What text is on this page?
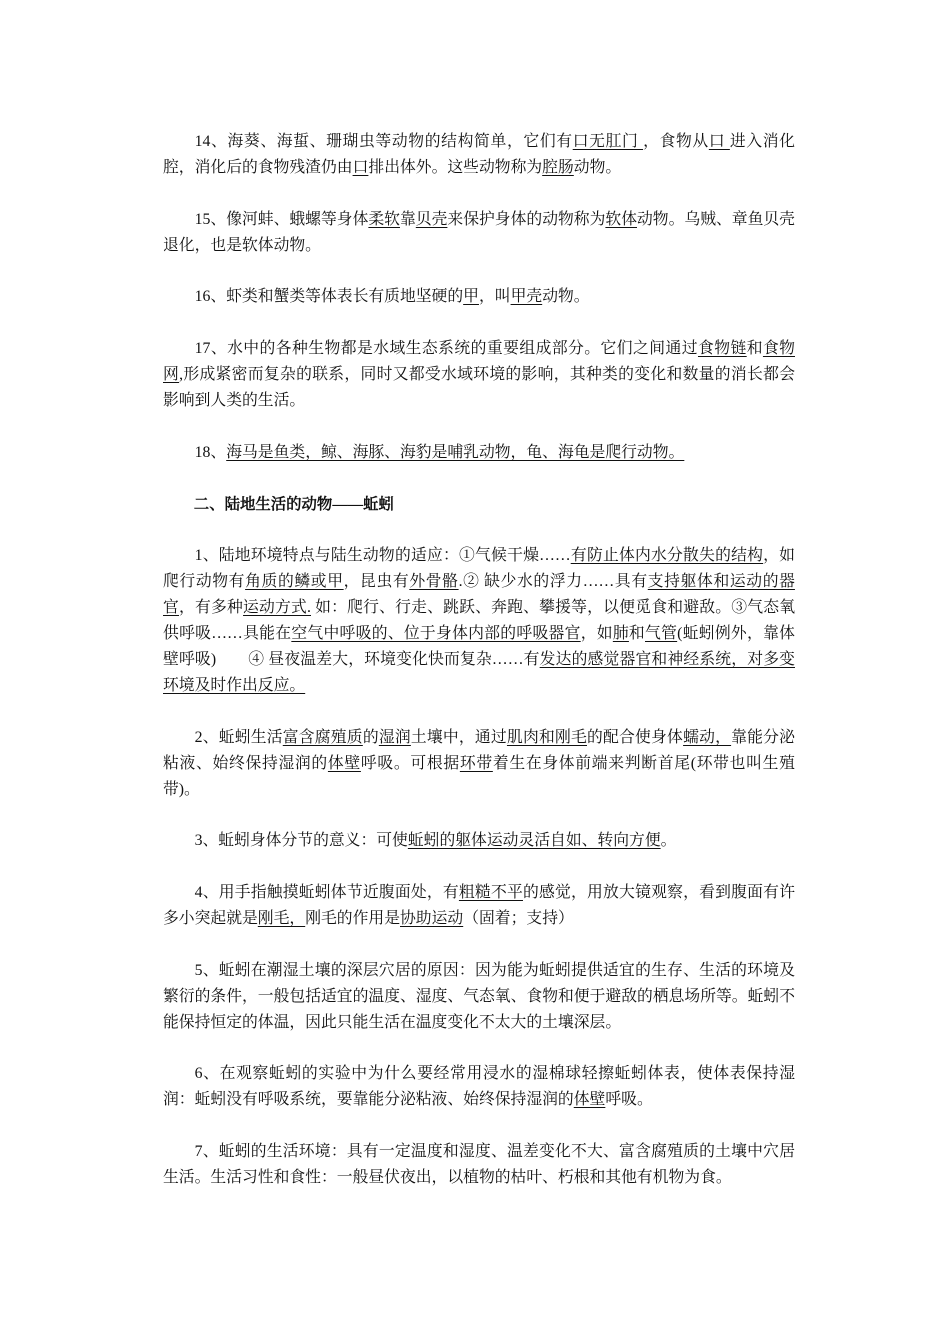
14、海葵、海蜇、珊瑚虫等动物的结构简单，它们有口无肛门 ，食物从口 进入消化腔，消化后的食物残渣仍由口排出体外。这些动物称为腔肠动物。

15、像河蚌、蛾螺等身体柔软靠贝壳来保护身体的动物称为软体动物。乌贼、章鱼贝壳退化，也是软体动物。

16、虾类和蟹类等体表长有质地坚硬的甲，叫甲壳动物。

17、水中的各种生物都是水域生态系统的重要组成部分。它们之间通过食物链和食物网,形成紧密而复杂的联系，同时又都受水域环境的影响，其种类的变化和数量的消长都会影响到人类的生活。

18、海马是鱼类，鲸、海豚、海豹是哺乳动物，龟、海龟是爬行动物。

二、陆地生活的动物——蚯蚓

1、陆地环境特点与陆生动物的适应：①气候干燥……有防止体内水分散失的结构，如爬行动物有角质的鳞或甲，昆虫有外骨骼.② 缺少水的浮力……具有支持躯体和运动的器官，有多种运动方式. 如：爬行、行走、跳跃、奔跑、攀援等，以便觅食和避敌。③气态氧供呼吸……具能在空气中呼吸的、位于身体内部的呼吸器官，如肺和气管(蚯蚓例外，靠体壁呼吸)　　④ 昼夜温差大，环境变化快而复杂……有发达的感觉器官和神经系统，对多变环境及时作出反应。

2、蚯蚓生活富含腐殖质的湿润土壤中，通过肌肉和刚毛的配合使身体蠕动，靠能分泌粘液、始终保持湿润的体壁呼吸。可根据环带着生在身体前端来判断首尾(环带也叫生殖带)。

3、蚯蚓身体分节的意义：可使蚯蚓的躯体运动灵活自如、转向方便。

4、用手指触摸蚯蚓体节近腹面处，有粗糙不平的感觉，用放大镜观察，看到腹面有许多小突起就是刚毛，刚毛的作用是协助运动（固着；支持）

5、蚯蚓在潮湿土壤的深层穴居的原因：因为能为蚯蚓提供适宜的生存、生活的环境及繁衍的条件，一般包括适宜的温度、湿度、气态氧、食物和便于避敌的栖息场所等。蚯蚓不能保持恒定的体温，因此只能生活在温度变化不太大的土壤深层。

6、在观察蚯蚓的实验中为什么要经常用浸水的湿棉球轻擦蚯蚓体表，使体表保持湿润：蚯蚓没有呼吸系统，要靠能分泌粘液、始终保持湿润的体壁呼吸。

7、蚯蚓的生活环境：具有一定温度和湿度、温差变化不大、富含腐殖质的土壤中穴居生活。生活习性和食性：一般昼伏夜出，以植物的枯叶、朽根和其他有机物为食。
